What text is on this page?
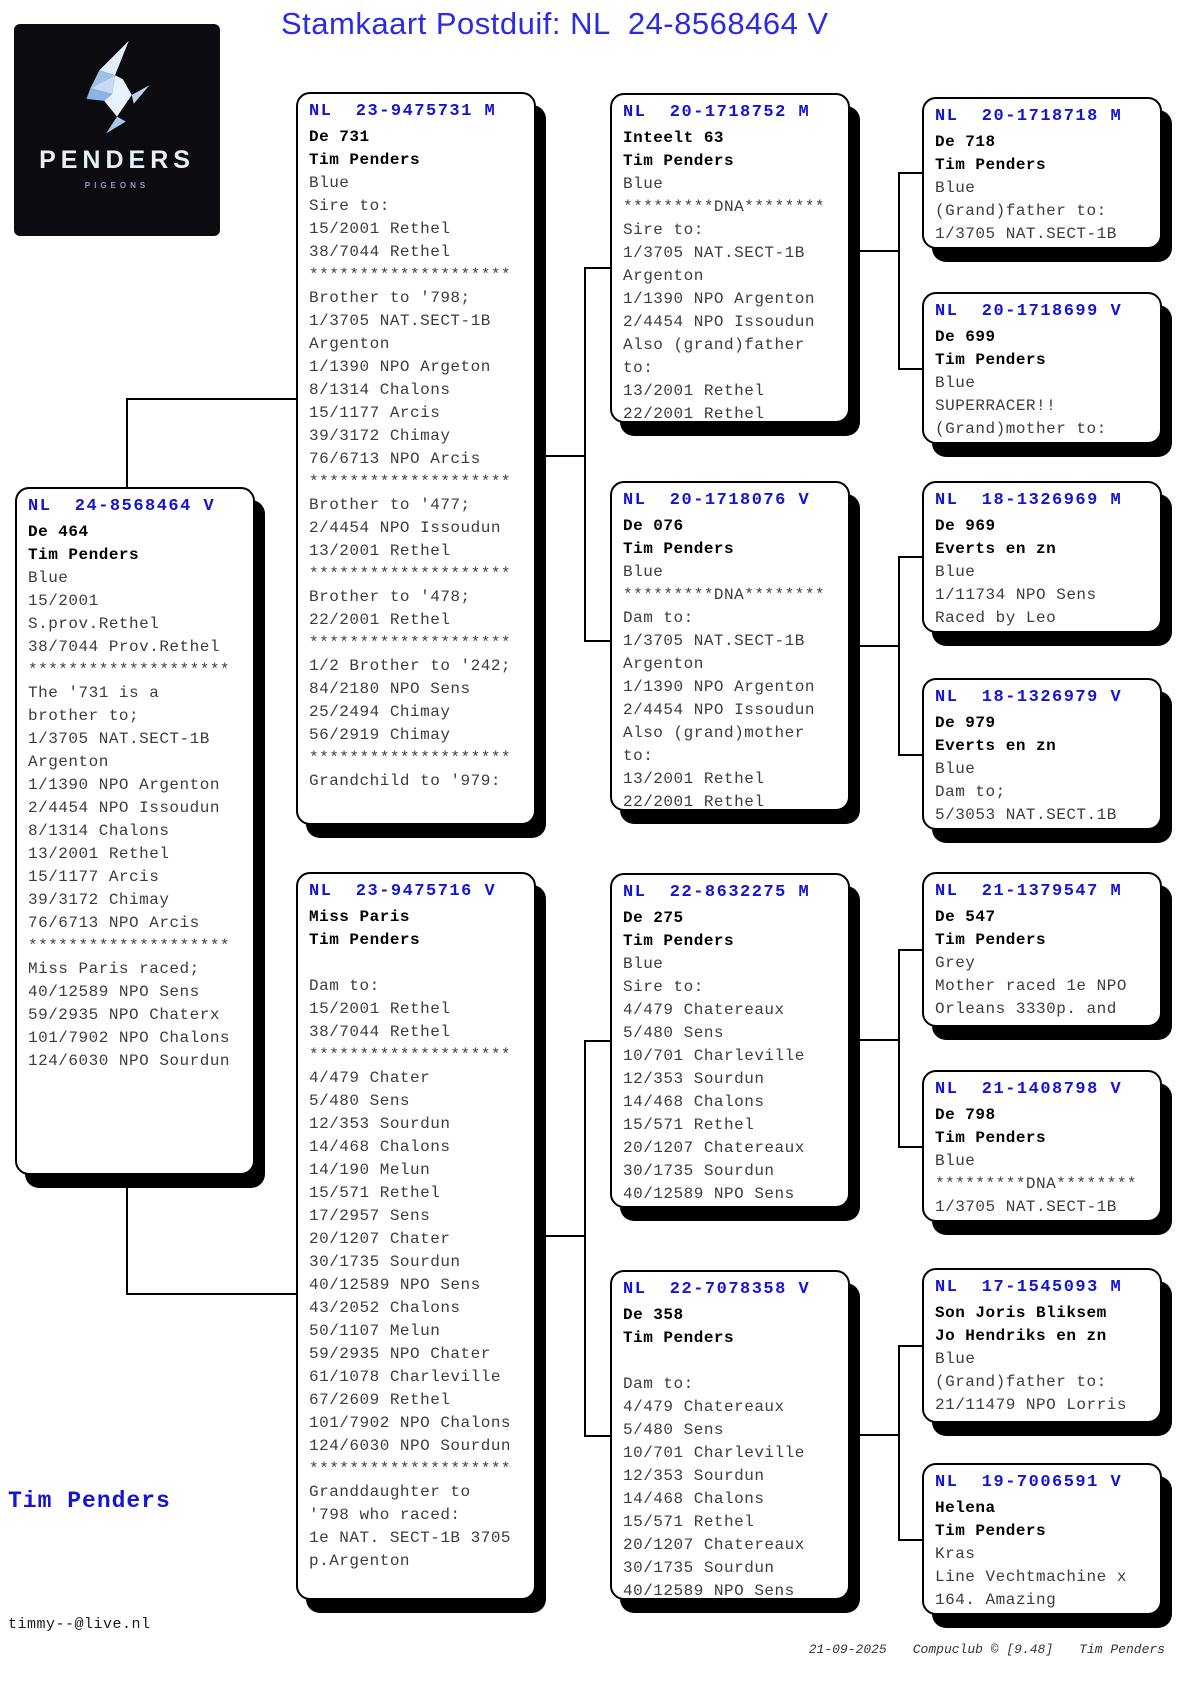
Stamkaart Postduif: NL  24-8568464 V
PENDERS
PIGEONS
NL  24-8568464 V
De 464
Tim Penders
Blue
15/2001
S.prov.Rethel
38/7044 Prov.Rethel
********************
The '731 is a
brother to;
1/3705 NAT.SECT-1B
Argenton
1/1390 NPO Argenton
2/4454 NPO Issoudun
8/1314 Chalons
13/2001 Rethel
15/1177 Arcis
39/3172 Chimay
76/6713 NPO Arcis
********************
Miss Paris raced;
40/12589 NPO Sens
59/2935 NPO Chaterx
101/7902 NPO Chalons
124/6030 NPO Sourdun
NL  23-9475731 M
De 731
Tim Penders
Blue
Sire to:
15/2001 Rethel
38/7044 Rethel
********************
Brother to '798;
1/3705 NAT.SECT-1B
Argenton
1/1390 NPO Argeton
8/1314 Chalons
15/1177 Arcis
39/3172 Chimay
76/6713 NPO Arcis
********************
Brother to '477;
2/4454 NPO Issoudun
13/2001 Rethel
********************
Brother to '478;
22/2001 Rethel
********************
1/2 Brother to '242;
84/2180 NPO Sens
25/2494 Chimay
56/2919 Chimay
********************
Grandchild to '979:
NL  23-9475716 V
Miss Paris
Tim Penders
Dam to:
15/2001 Rethel
38/7044 Rethel
********************
4/479 Chater
5/480 Sens
12/353 Sourdun
14/468 Chalons
14/190 Melun
15/571 Rethel
17/2957 Sens
20/1207 Chater
30/1735 Sourdun
40/12589 NPO Sens
43/2052 Chalons
50/1107 Melun
59/2935 NPO Chater
61/1078 Charleville
67/2609 Rethel
101/7902 NPO Chalons
124/6030 NPO Sourdun
********************
Granddaughter to
'798 who raced:
1e NAT. SECT-1B 3705
p.Argenton
NL  20-1718752 M
Inteelt 63
Tim Penders
Blue
*********DNA********
Sire to:
1/3705 NAT.SECT-1B
Argenton
1/1390 NPO Argenton
2/4454 NPO Issoudun
Also (grand)father
to:
13/2001 Rethel
22/2001 Rethel
NL  20-1718076 V
De 076
Tim Penders
Blue
*********DNA********
Dam to:
1/3705 NAT.SECT-1B
Argenton
1/1390 NPO Argenton
2/4454 NPO Issoudun
Also (grand)mother
to:
13/2001 Rethel
22/2001 Rethel
NL  22-8632275 M
De 275
Tim Penders
Blue
Sire to:
4/479 Chatereaux
5/480 Sens
10/701 Charleville
12/353 Sourdun
14/468 Chalons
15/571 Rethel
20/1207 Chatereaux
30/1735 Sourdun
40/12589 NPO Sens
NL  22-7078358 V
De 358
Tim Penders
Dam to:
4/479 Chatereaux
5/480 Sens
10/701 Charleville
12/353 Sourdun
14/468 Chalons
15/571 Rethel
20/1207 Chatereaux
30/1735 Sourdun
40/12589 NPO Sens
NL  20-1718718 M
De 718
Tim Penders
Blue
(Grand)father to:
1/3705 NAT.SECT-1B
NL  20-1718699 V
De 699
Tim Penders
Blue
SUPERRACER!!
(Grand)mother to:
NL  18-1326969 M
De 969
Everts en zn
Blue
1/11734 NPO Sens
Raced by Leo
NL  18-1326979 V
De 979
Everts en zn
Blue
Dam to;
5/3053 NAT.SECT.1B
NL  21-1379547 M
De 547
Tim Penders
Grey
Mother raced 1e NPO
Orleans 3330p. and
NL  21-1408798 V
De 798
Tim Penders
Blue
*********DNA********
1/3705 NAT.SECT-1B
NL  17-1545093 M
Son Joris Bliksem
Jo Hendriks en zn
Blue
(Grand)father to:
21/11479 NPO Lorris
NL  19-7006591 V
Helena
Tim Penders
Kras
Line Vechtmachine x
164. Amazing
Tim Penders
timmy--@live.nl
21-09-2025 Compuclub © [9.48] Tim Penders
